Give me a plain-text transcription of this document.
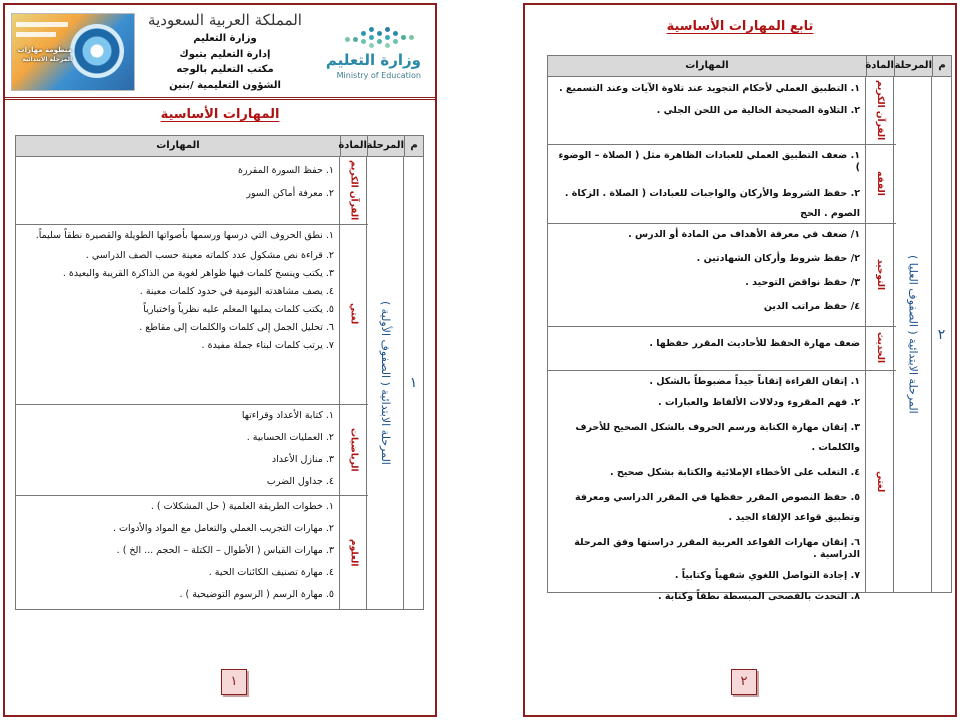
منظومة مهارات
المرحلة الابتدائية
المملكة العربية السعودية
وزارة التعليم
إدارة التعليم بتبوك
مكتب التعليم بالوجه
الشؤون التعليمية /بنين
وزارة التعليم
Ministry of Education
المهارات الأساسية
م
المرحلة
المادة
المهارات
١
المرحلة الابتدائية ( الصفوف الأولية )
القرآن الكريم
١. حفظ السورة المقررة
٢. معرفة أماكن السور
لغتي
١. نطق الحروف التي درسها ورسمها بأصواتها الطويلة والقصيرة نطقاً سليماً.
٢. قراءة نص مشكول عدد كلماته معينة حسب الصف الدراسي .
٣. يكتب وينسخ كلمات فيها ظواهر لغوية من الذاكرة القريبة والبعيدة .
٤. يصف مشاهدته اليومية في حدود كلمات معينة .
٥. يكتب كلمات يمليها المعلم عليه نظرياً واختبارياً
٦. تحليل الجمل إلى كلمات والكلمات إلى مقاطع .
٧. يرتب كلمات لبناء جملة مفيدة .
الرياضيات
١. كتابة الأعداد وقراءتها
٢. العمليات الحسابية .
٣. منازل الأعداد
٤. جداول الضرب
العلوم
١. خطوات الطريقة العلمية ( حل المشكلات ) .
٢. مهارات التجريب العملي والتعامل مع المواد والأدوات .
٣. مهارات القياس ( الأطوال – الكتلة – الحجم ... الخ ) .
٤. مهارة تصنيف الكائنات الحية .
٥. مهارة الرسم ( الرسوم التوضيحية ) .
١
تابع المهارات الأساسية
م
المرحلة
المادة
المهارات
٢
المرحلة الابتدائية ( الصفوف العليا )
القرآن الكريم
١. التطبيق العملي لأحكام التجويد عند تلاوة الآيات وعند التسميع .
٢. التلاوة الصحيحة الخالية من اللحن الجلي .
الفقه
١. ضعف التطبيق العملي للعبادات الظاهرة مثل ( الصلاة – الوضوء )
٢. حفظ الشروط والأركان والواجبات للعبادات ( الصلاة . الزكاة . الصوم . الحج
التوحيد
١/ ضعف في معرفة الأهداف من المادة أو الدرس .
٢/ حفظ شروط وأركان الشهادتين .
٣/ حفظ نواقض التوحيد .
٤/ حفظ مراتب الدين
الحديث
ضعف مهارة الحفظ للأحاديث المقرر حفظها .
لغتي
١. إتقان القراءة إتقاناً جيداً مضبوطاً بالشكل .
٢. فهم المقروء ودلالات الألفاظ والعبارات .
٣. إتقان مهارة الكتابة ورسم الحروف بالشكل الصحيح للأحرف والكلمات .
٤. التغلب على الأخطاء الإملائية والكتابة بشكل صحيح .
٥. حفظ النصوص المقرر حفظها في المقرر الدراسي ومعرفة وتطبيق قواعد الإلقاء الجيد .
٦. إتقان مهارات القواعد العربية المقرر دراستها وفق المرحلة الدراسية .
٧. إجادة التواصل اللغوي شفهياً وكتابياً .
٨. التحدث بالفصحى المبسطة نطقاً وكتابة .
٢
